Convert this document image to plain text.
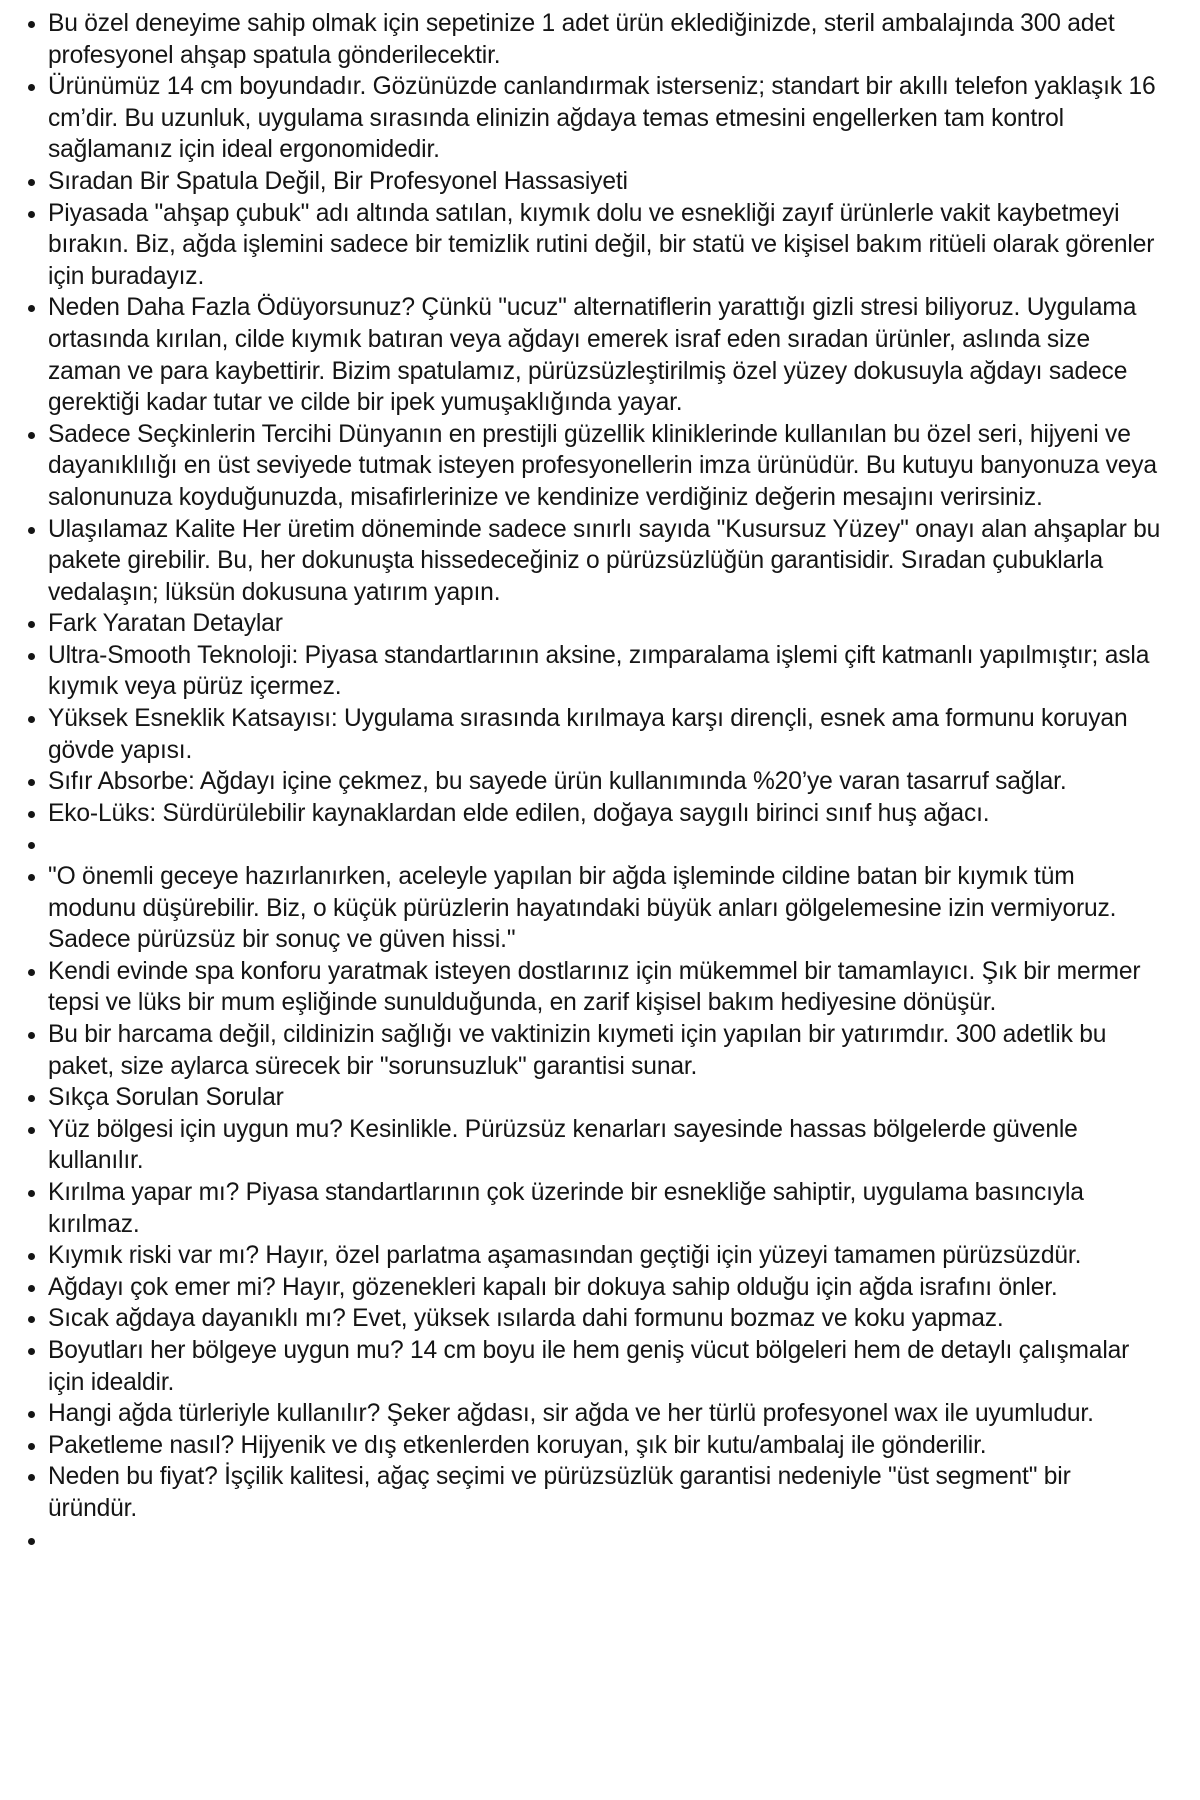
Bu özel deneyime sahip olmak için sepetinize 1 adet ürün eklediğinizde, steril ambalajında 300 adet profesyonel ahşap spatula gönderilecektir.
Ürünümüz 14 cm boyundadır. Gözünüzde canlandırmak isterseniz; standart bir akıllı telefon yaklaşık 16 cm’dir. Bu uzunluk, uygulama sırasında elinizin ağdaya temas etmesini engellerken tam kontrol sağlamanız için ideal ergonomidedir.
Sıradan Bir Spatula Değil, Bir Profesyonel Hassasiyeti
Piyasada "ahşap çubuk" adı altında satılan, kıymık dolu ve esnekliği zayıf ürünlerle vakit kaybetmeyi bırakın. Biz, ağda işlemini sadece bir temizlik rutini değil, bir statü ve kişisel bakım ritüeli olarak görenler için buradayız.
Neden Daha Fazla Ödüyorsunuz? Çünkü "ucuz" alternatiflerin yarattığı gizli stresi biliyoruz. Uygulama ortasında kırılan, cilde kıymık batıran veya ağdayı emerek israf eden sıradan ürünler, aslında size zaman ve para kaybettirir. Bizim spatulamız, pürüzsüzleştirilmiş özel yüzey dokusuyla ağdayı sadece gerektiği kadar tutar ve cilde bir ipek yumuşaklığında yayar.
Sadece Seçkinlerin Tercihi Dünyanın en prestijli güzellik kliniklerinde kullanılan bu özel seri, hijyeni ve dayanıklılığı en üst seviyede tutmak isteyen profesyonellerin imza ürünüdür. Bu kutuyu banyonuza veya salonunuza koyduğunuzda, misafirlerinize ve kendinize verdiğiniz değerin mesajını verirsiniz.
Ulaşılamaz Kalite Her üretim döneminde sadece sınırlı sayıda "Kusursuz Yüzey" onayı alan ahşaplar bu pakete girebilir. Bu, her dokunuşta hissedeceğiniz o pürüzsüzlüğün garantisidir. Sıradan çubuklarla vedalaşın; lüksün dokusuna yatırım yapın.
Fark Yaratan Detaylar
Ultra-Smooth Teknoloji: Piyasa standartlarının aksine, zımparalama işlemi çift katmanlı yapılmıştır; asla kıymık veya pürüz içermez.
Yüksek Esneklik Katsayısı: Uygulama sırasında kırılmaya karşı dirençli, esnek ama formunu koruyan gövde yapısı.
Sıfır Absorbe: Ağdayı içine çekmez, bu sayede ürün kullanımında %20’ye varan tasarruf sağlar.
Eko-Lüks: Sürdürülebilir kaynaklardan elde edilen, doğaya saygılı birinci sınıf huş ağacı.
"O önemli geceye hazırlanırken, aceleyle yapılan bir ağda işleminde cildine batan bir kıymık tüm modunu düşürebilir. Biz, o küçük pürüzlerin hayatındaki büyük anları gölgelemesine izin vermiyoruz. Sadece pürüzsüz bir sonuç ve güven hissi."
Kendi evinde spa konforu yaratmak isteyen dostlarınız için mükemmel bir tamamlayıcı. Şık bir mermer tepsi ve lüks bir mum eşliğinde sunulduğunda, en zarif kişisel bakım hediyesine dönüşür.
Bu bir harcama değil, cildinizin sağlığı ve vaktinizin kıymeti için yapılan bir yatırımdır. 300 adetlik bu paket, size aylarca sürecek bir "sorunsuzluk" garantisi sunar.
Sıkça Sorulan Sorular
Yüz bölgesi için uygun mu? Kesinlikle. Pürüzsüz kenarları sayesinde hassas bölgelerde güvenle kullanılır.
Kırılma yapar mı? Piyasa standartlarının çok üzerinde bir esnekliğe sahiptir, uygulama basıncıyla kırılmaz.
Kıymık riski var mı? Hayır, özel parlatma aşamasından geçtiği için yüzeyi tamamen pürüzsüzdür.
Ağdayı çok emer mi? Hayır, gözenekleri kapalı bir dokuya sahip olduğu için ağda israfını önler.
Sıcak ağdaya dayanıklı mı? Evet, yüksek ısılarda dahi formunu bozmaz ve koku yapmaz.
Boyutları her bölgeye uygun mu? 14 cm boyu ile hem geniş vücut bölgeleri hem de detaylı çalışmalar için idealdir.
Hangi ağda türleriyle kullanılır? Şeker ağdası, sir ağda ve her türlü profesyonel wax ile uyumludur.
Paketleme nasıl? Hijyenik ve dış etkenlerden koruyan, şık bir kutu/ambalaj ile gönderilir.
Neden bu fiyat? İşçilik kalitesi, ağaç seçimi ve pürüzsüzlük garantisi nedeniyle "üst segment" bir üründür.
